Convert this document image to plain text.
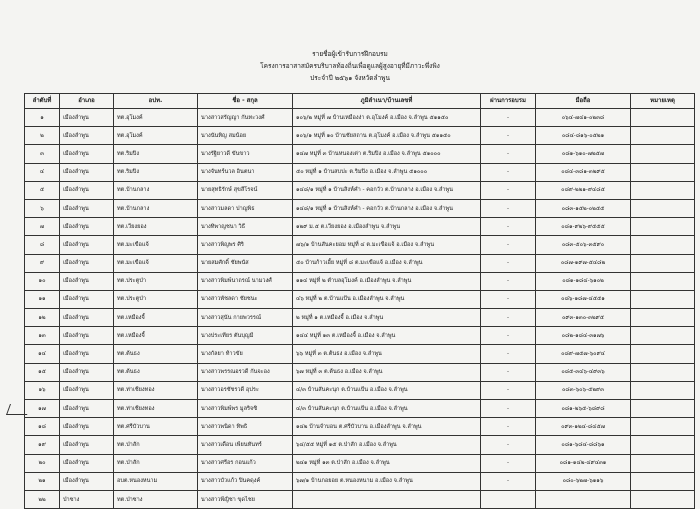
รายชื่อผู้เข้ารับการฝึกอบรม
โครงการอาสาสมัครบริบาลท้องถิ่นเพื่อดูแลผู้สูงอายุที่มีภาวะพึ่งพิง
ประจำปี ๒๕๖๑ จังหวัดลำพูน
ลำดับที่	อำเภอ	อปท.	ชื่อ - สกุล	ภูมิลำเนา/บ้านเลขที่	ผ่านการอบรม	มือถือ	หมายเหตุ
๑	เมืองลำพูน	ทต.อุโมงค์	นางสาวสรัญญา กันทะวงศ์	๑๐๖/๒ หมู่ที่ ๗ บ้านเหมืองง่า ต.อุโมงค์ อ.เมือง จ.ลำพูน ๕๑๑๕๐	-	๐๖๔-๗๔๑-๐๒๓๘	
๒	เมืองลำพูน	ทต.อุโมงค์	นางนันทิญ สมน้อย	๑๐๖/๑ หมู่ที่ ๑๐ บ้านชัยสถาน ต.อุโมงค์ อ.เมือง จ.ลำพูน ๕๑๑๕๐	-	๐๘๔-๘๑๖-๐๕๒๑	
๓	เมืองลำพูน	ทต.ริมปิง	นางรัฐิยาวดี ขันขาว	๑๔๗ หมู่ที่ ๓ บ้านหนองเต่า ต.ริมปิง อ.เมือง จ.ลำพูน ๕๑๐๐๐	-	๐๘๑-๖๑๐-๗๒๕๗	
๔	เมืองลำพูน	ทต.ริมปิง	นางจันทร์นวล อินตนา	๕๐ หมู่ที่ ๑ บ้านสบปะ ต.ริมปิง อ.เมือง จ.ลำพูน ๕๑๐๐๐	-	๐๘๔-๓๘๑-๓๒๙๕	
๕	เมืองลำพูน	ทต.บ้านกลาง	นายสุทธิรักษ์ สุขสีโรจน์	๑๔๘/๑ หมู่ที่ ๑ บ้านสิงห์คำ - คอกวัว ต.บ้านกลาง อ.เมือง จ.ลำพูน	-	๐๘๙-๒๒๑-๙๔๘๕	
๖	เมืองลำพูน	ทต.บ้านกลาง	นางสาวมลดา ปาญพิธ	๑๔๘/๑ หมู่ที่ ๑ บ้านสิงห์คำ - คอกวัว ต.บ้านกลาง อ.เมือง จ.ลำพูน	-	๐๘๓-๑๕๒-๐๒๕๕	
๗	เมืองลำพูน	ทต.เวียงยอง	นางทิพาญชนา วิธี	๑๒๙ ม.๕ ต.เวียงยอง อ.เมืองลำพูน จ.ลำพูน	-	๐๘๑-๙๒๖-๙๕๕๕	
๘	เมืองลำพูน	ทต.มะเขือแจ้	นางสาวพิญพร ศิริ	๗๖/๑ บ้านสันคะยอม หมู่ที่ ๔ ต.มะเขือแจ้ อ.เมือง จ.ลำพูน	-	๐๘๓-๕๐๖-๓๕๙๐	
๙	เมืองลำพูน	ทต.มะเขือแจ้	นายสมศักดิ์ ชัยพนัส	๕๐ บ้านก้าวเอี้ย หมู่ที่ ๘ ต.มะเขือแจ้ อ.เมือง จ.ลำพูน	-	๐๘๗-๑๙๗-๕๔๘๒	
๑๐	เมืองลำพูน	ทต.ประตูป่า	นางสาวพิมพ์นาถรณ์ นามวงศ์	๑๑๔ หมู่ที่ ๒ ตำบลอุโมงค์ อ.เมืองลำพูน จ.ลำพูน	-	๐๘๑-๑๘๔-๖๑๐๒	
๑๑	เมืองลำพูน	ทต.ประตูป่า	นางสาวพัชลดา ชัยชนะ	๔๖ หมู่ที่ ๒ ต.บ้านแป้น อ.เมืองลำพูน จ.ลำพูน	-	๐๘๖-๑๘๗-๔๕๕๑	
๑๒	เมืองลำพูน	ทต.เหมืองจี้	นางสาวสุนัน กายพวรรณ์	๒ หมู่ที่ ๑ ต.เหมืองจี้ อ.เมือง จ.ลำพูน	-	๐๙๓-๑๓๐-๓๒๙๕	
๑๓	เมืองลำพูน	ทต.เหมืองจี้	นางประเทียร ตันบุญมี	๑๔๔ หมู่ที่ ๑๓ ต.เหมืองจี้ อ.เมือง จ.ลำพูน	-	๐๘๒-๑๘๔-๓๑๗๖	
๑๔	เมืองลำพูน	ทต.ต้นธง	นางกัลยา ท้าวขัย	๖๖ หมู่ที่ ๓ ต.ต้นธง อ.เมือง จ.ลำพูน	-	๐๘๙-๗๕๗-๖๐๙๔	
๑๕	เมืองลำพูน	ทต.ต้นธง	นางสาวพรรณอรวดี กันจะอง	๖๗ หมู่ที่ ๓ ต.ต้นธง อ.เมือง จ.ลำพูน	-	๐๘๕-๓๔๖-๔๙๓๖	
๑๖	เมืองลำพูน	ทต.ท่าเชียงทอง	นางสาวอรชัชรวดี อุประ	๔/๓ บ้านสันคะนุก ต.บ้านแป้น อ.เมือง จ.ลำพูน	-	๐๘๓-๖๐๖-๕๒๙๓	
๑๗	เมืองลำพูน	ทต.ท่าเชียงทอง	นางสาวพิมพ์พร มูลริจซิ	๔/๓ บ้านสันคะนุก ต.บ้านแป้น อ.เมือง จ.ลำพูน	-	๐๘๑-๒๖๕-๖๘๙๘	
๑๘	เมืองลำพูน	ทต.ศรีบัวบาน	นางสาวพนิดา ทิพธิ	๑๔๒ บ้านจำบอน ต.ศรีบัวบาน อ.เมืองลำพูน จ.ลำพูน	-	๐๙๓-๑๒๔-๘๔๕๗	
๑๙	เมืองลำพูน	ทต.ป่าสัก	นางสาวเดือน เพียนทันทร์	๖๔/๕๕ หมู่ที่ ๑๕ ต.ป่าสัก อ.เมือง จ.ลำพูน	-	๐๘๑-๖๘๔-๘๘๖๑	
๒๐	เมืองลำพูน	ทต.ป่าสัก	นางสาวศรีอร กอนแก้ว	๒๔๑ หมู่ที่ ๑๓ ต.ป่าสัก อ.เมือง จ.ลำพูน	-	๐๘๑-๑๔๒-๔๙๔๓๑	
๒๑	เมืองลำพูน	อบต.หนองหนาม	นางสาวบัวแก้ว ปินคดุงค์	๖๗/๑ บ้านกอยอย ต.หนองหนาม อ.เมือง จ.ลำพูน	-	๐๘๐-๖๒๗-๖๑๑๖	
๒๒	ป่าซาง	ทต.ป่าซาง	นางสาวพีญิชา ขุดไชย				
